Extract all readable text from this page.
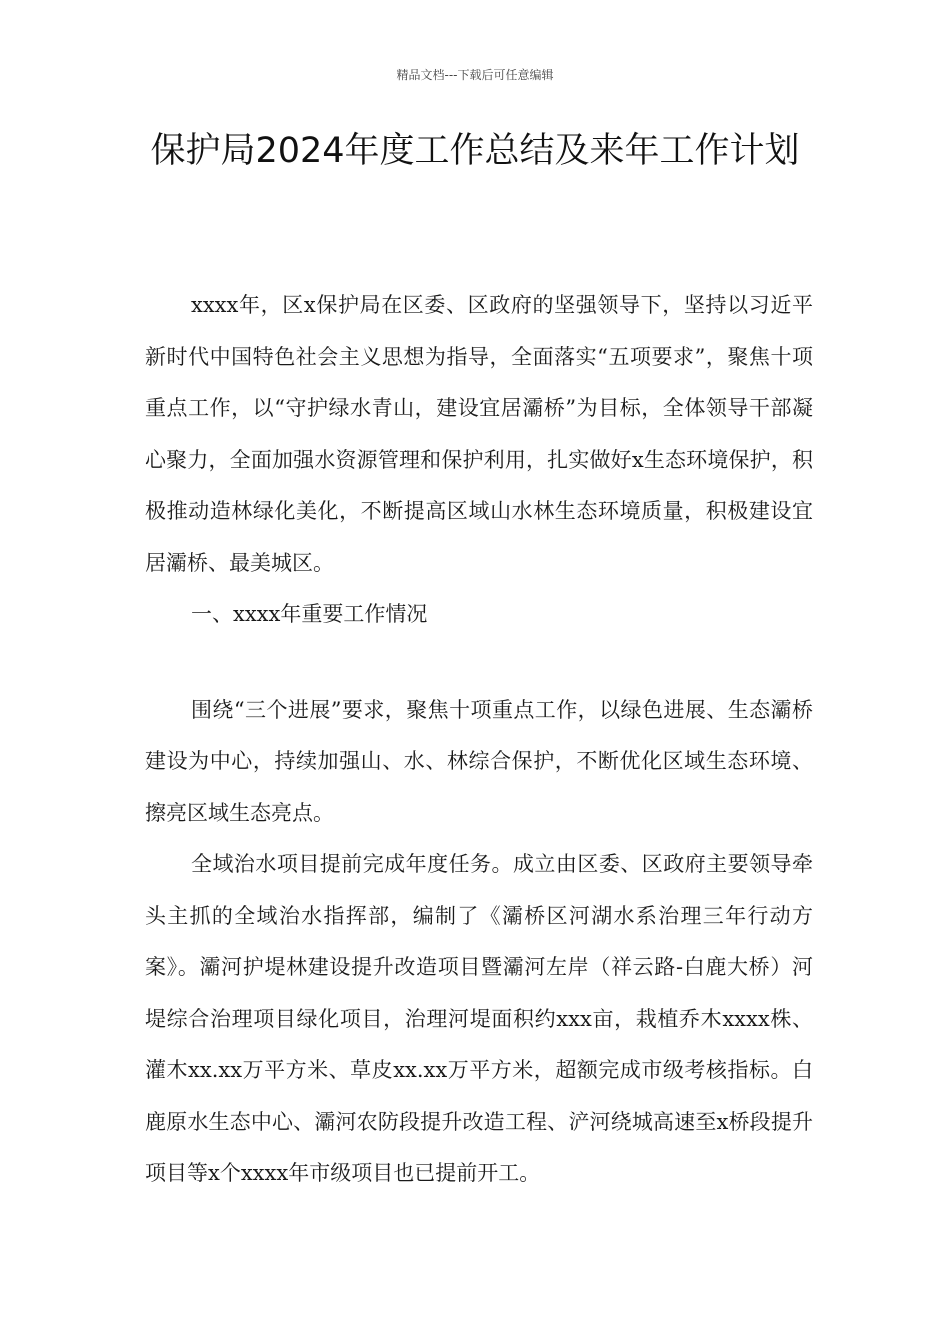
精品文档---下载后可任意编辑
保护局2024年度工作总结及来年工作计划

xxxx年，区x保护局在区委、区政府的坚强领导下，坚持以习近平新时代中国特色社会主义思想为指导，全面落实“五项要求”，聚焦十项重点工作，以“守护绿水青山，建设宜居灞桥”为目标，全体领导干部凝心聚力，全面加强水资源管理和保护利用，扎实做好x生态环境保护，积极推动造林绿化美化，不断提高区域山水林生态环境质量，积极建设宜居灞桥、最美城区。

一、xxxx年重要工作情况

围绕“三个进展”要求，聚焦十项重点工作，以绿色进展、生态灞桥建设为中心，持续加强山、水、林综合保护，不断优化区域生态环境、擦亮区域生态亮点。

全域治水项目提前完成年度任务。成立由区委、区政府主要领导牵头主抓的全域治水指挥部，编制了《灞桥区河湖水系治理三年行动方案》。灞河护堤林建设提升改造项目暨灞河左岸（祥云路-白鹿大桥）河堤综合治理项目绿化项目，治理河堤面积约xxx亩，栽植乔木xxxx株、灌木xx.xx万平方米、草皮xx.xx万平方米，超额完成市级考核指标。白鹿原水生态中心、灞河农防段提升改造工程、浐河绕城高速至x桥段提升项目等x个xxxx年市级项目也已提前开工。
